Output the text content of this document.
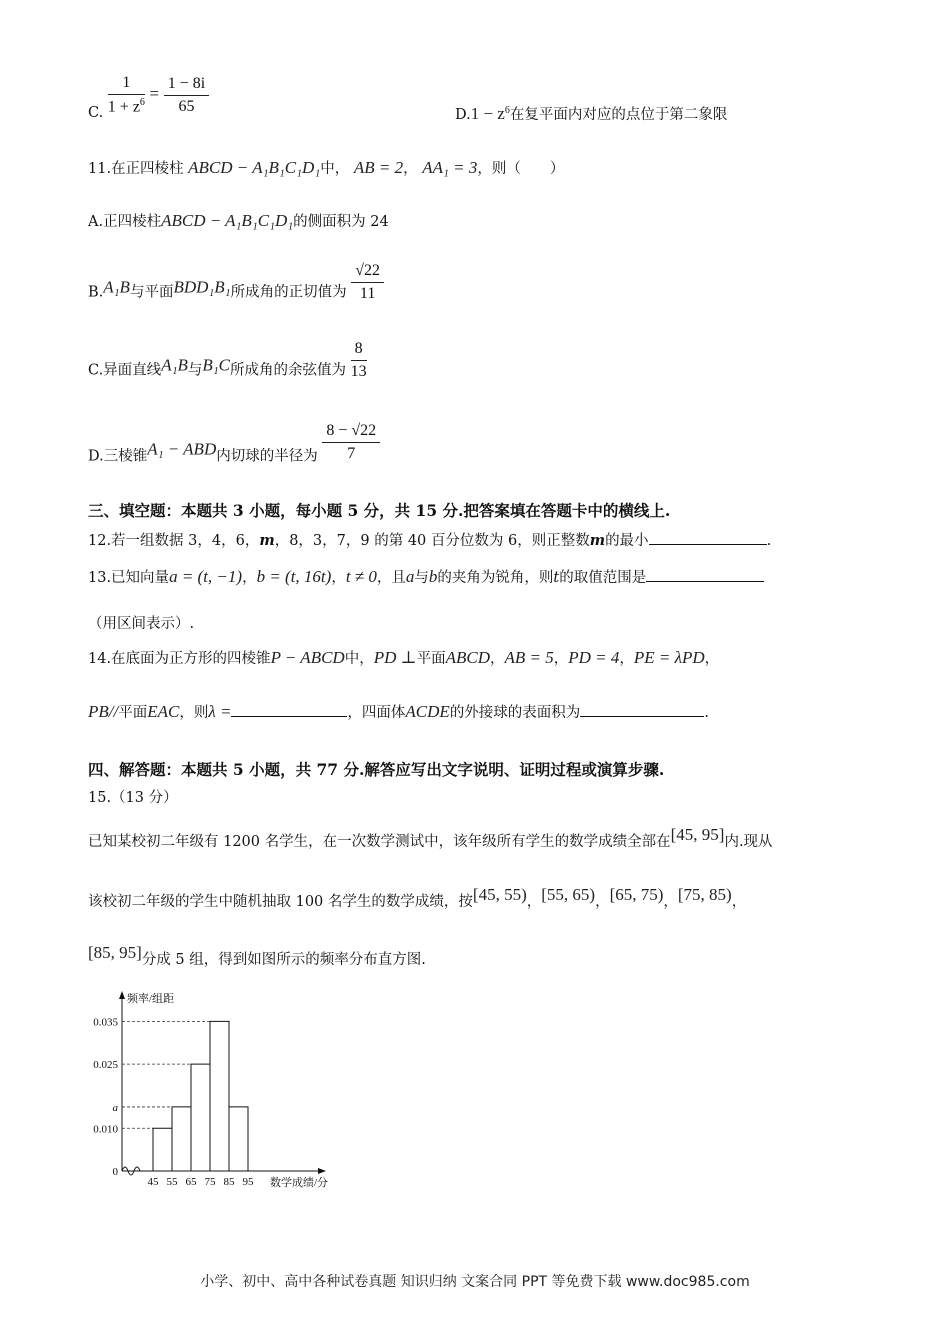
C. $\frac{1}{1 + z^6} = \frac{1 - 8i}{65}$	$D.1 - z^6$在复平面内对应的点位于第二象限
11.在正四棱柱 ABCD − A₁B₁C₁D₁中， AB = 2， AA₁ = 3，则（　　）
A.正四棱柱ABCD − A₁B₁C₁D₁的侧面积为 24
B.A₁B与平面BDD₁B₁所成角的正切值为 $\frac{√22}{11}$
C.异面直线A₁B与B₁C所成角的余弦值为 $\frac{8}{13}$
D.三棱锥A₁ − ABD内切球的半径为 $\frac{8 - √22}{7}$
三、填空题：本题共 3 小题，每小题 5 分，共 15 分.把答案填在答题卡中的横线上.
12.若一组数据 3，4，6，m，8，3，7，9 的第 40 百分位数为 6，则正整数m的最小	.
13.已知向量a = (t, −1)，b = (t, 16t)，t ≠ 0，且a与b的夹角为锐角，则t的取值范围是
（用区间表示）.
14.在底面为正方形的四棱锥P − ABCD中，PD ⊥平面ABCD，AB = 5，PD = 4，PE = λPD，
PB//平面EAC，则λ =	，四面体ACDE的外接球的表面积为	.
四、解答题：本题共 5 小题，共 77 分.解答应写出文字说明、证明过程或演算步骤.
15.（13 分）
已知某校初二年级有 1200 名学生，在一次数学测试中，该年级所有学生的数学成绩全部在[45, 95]内.现从
该校初二年级的学生中随机抽取 100 名学生的数学成绩，按[45, 55)，[55, 65)，[65, 75)，[75, 85)，
[85, 95]分成 5 组，得到如图所示的频率分布直方图.
频率/组距
数学成绩/分
0
0.010
a
0.025
0.035
45 55 65 75 85 95
小学、初中、高中各种试卷真题 知识归纳 文案合同 PPT 等免费下载 www.doc985.com
